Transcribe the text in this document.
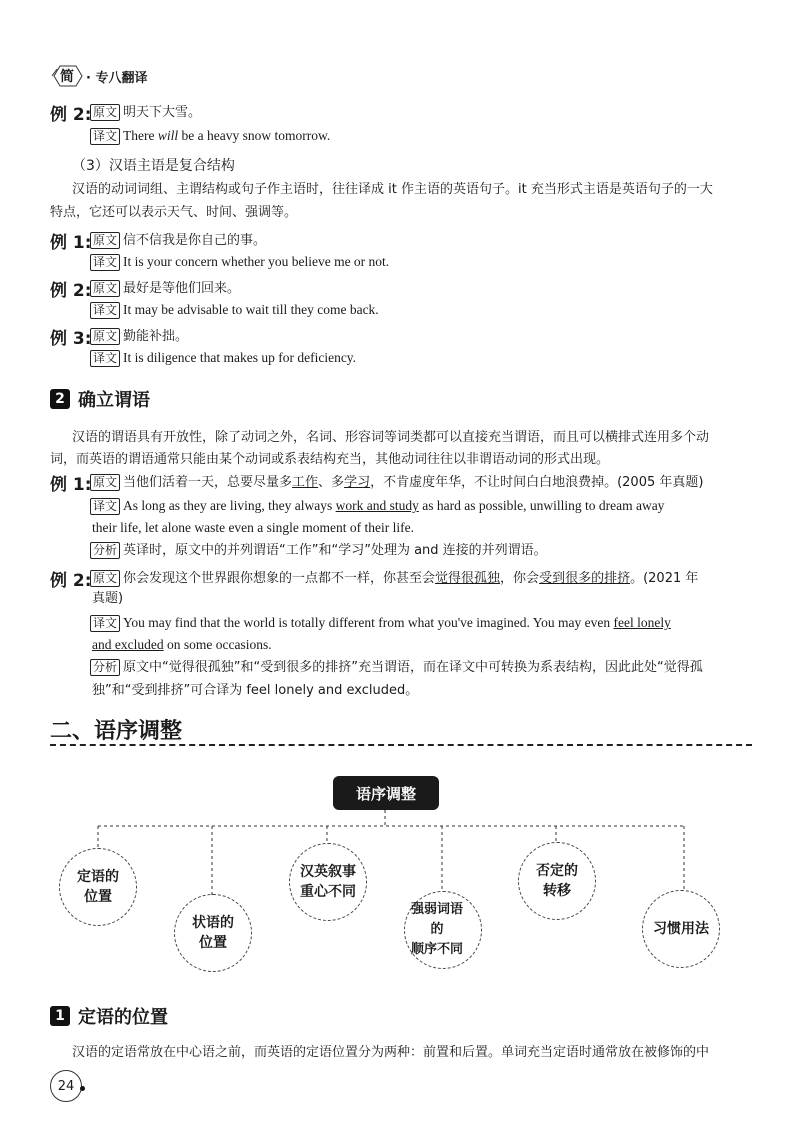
简 · 专八翻译
例 2: 原文 明天下大雪。
译文 There will be a heavy snow tomorrow.
（3）汉语主语是复合结构
汉语的动词词组、主谓结构或句子作主语时，往往译成 it 作主语的英语句子。it 充当形式主语是英语句子的一大
特点，它还可以表示天气、时间、强调等。
例 1: 原文 信不信我是你自己的事。
译文 It is your concern whether you believe me or not.
例 2: 原文 最好是等他们回来。
译文 It may be advisable to wait till they come back.
例 3: 原文 勤能补拙。
译文 It is diligence that makes up for deficiency.
2 确立谓语
汉语的谓语具有开放性，除了动词之外，名词、形容词等词类都可以直接充当谓语，而且可以横排式连用多个动
词，而英语的谓语通常只能由某个动词或系表结构充当，其他动词往往以非谓语动词的形式出现。
例 1: 原文 当他们活着一天，总要尽量多工作、多学习，不肯虚度年华，不让时间白白地浪费掉。(2005 年真题)
译文 As long as they are living, they always work and study as hard as possible, unwilling to dream away
their life, let alone waste even a single moment of their life.
分析 英译时，原文中的并列谓语“工作”和“学习”处理为 and 连接的并列谓语。
例 2: 原文 你会发现这个世界跟你想象的一点都不一样，你甚至会觉得很孤独，你会受到很多的排挤。(2021 年
真题)
译文 You may find that the world is totally different from what you've imagined. You may even feel lonely
and excluded on some occasions.
分析 原文中“觉得很孤独”和“受到很多的排挤”充当谓语，而在译文中可转换为系表结构，因此此处“觉得孤
独”和“受到排挤”可合译为 feel lonely and excluded。
二、语序调整
语序调整
定语的
位置
状语的
位置
汉英叙事
重心不同
强弱词语的
顺序不同
否定的
转移
习惯用法
1 定语的位置
汉语的定语常放在中心语之前，而英语的定语位置分为两种：前置和后置。单词充当定语时通常放在被修饰的中
24
